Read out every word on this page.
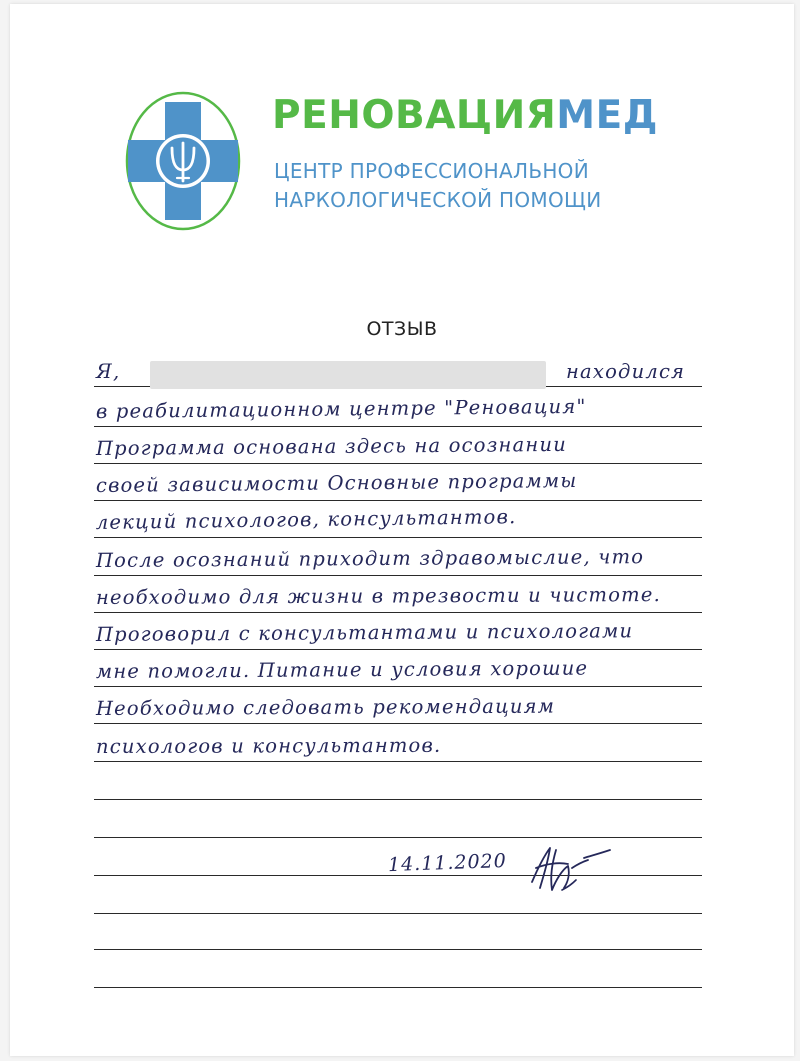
РЕНОВАЦИЯМЕД
ЦЕНТР ПРОФЕССИОНАЛЬНОЙ
НАРКОЛОГИЧЕСКОЙ ПОМОЩИ
ОТЗЫВ
Я,	находился
в реабилитационном центре "Реновация"
Программа основана здесь на осознании
своей зависимости Основные программы
лекций психологов, консультантов.
После осознаний приходит здравомыслие, что
необходимо для жизни в трезвости и чистоте.
Проговорил с консультантами и психологами
мне помогли. Питание и условия хорошие
Необходимо следовать рекомендациям
психологов и консультантов.
14.11.2020
